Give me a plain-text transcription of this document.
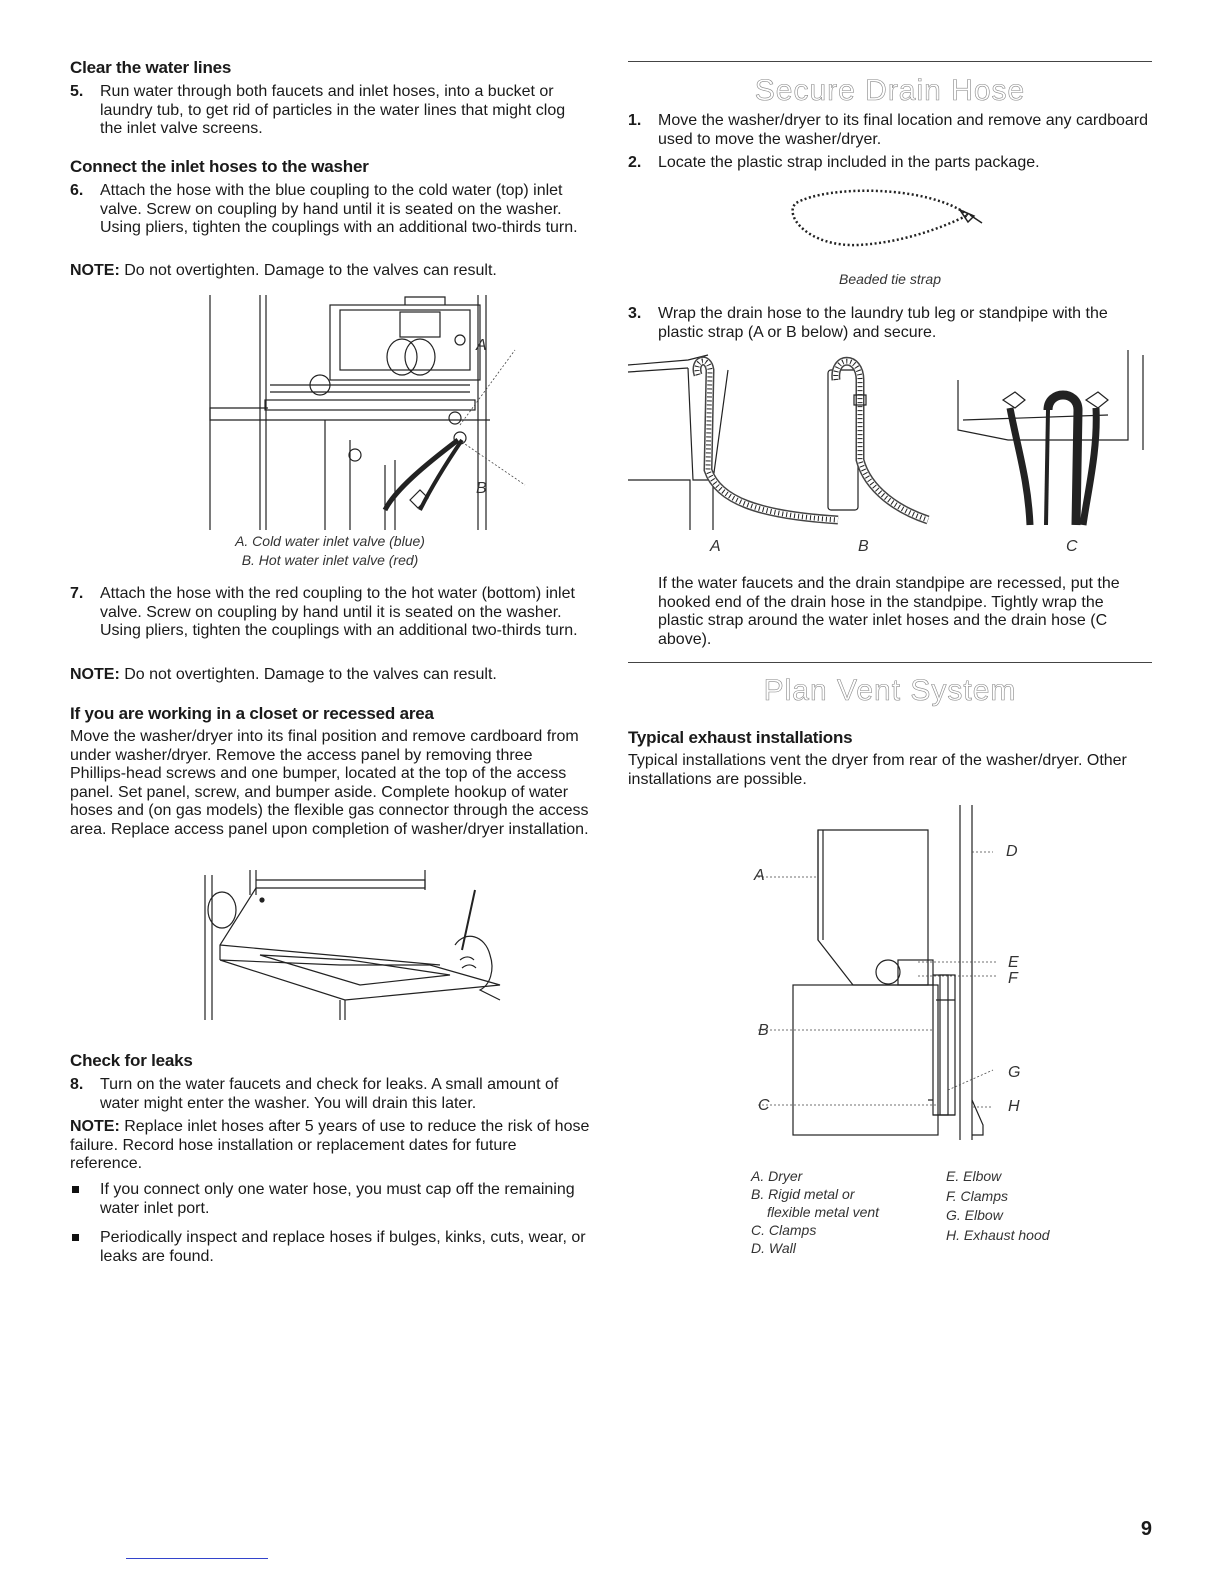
Clear the water lines
5. Run water through both faucets and inlet hoses, into a bucket or laundry tub, to get rid of particles in the water lines that might clog the inlet valve screens.
Connect the inlet hoses to the washer
6. Attach the hose with the blue coupling to the cold water (top) inlet valve. Screw on coupling by hand until it is seated on the washer. Using pliers, tighten the couplings with an additional two-thirds turn.

NOTE: Do not overtighten. Damage to the valves can result.

A
B
A. Cold water inlet valve (blue)
B. Hot water inlet valve (red)
7. Attach the hose with the red coupling to the hot water (bottom) inlet valve. Screw on coupling by hand until it is seated on the washer. Using pliers, tighten the couplings with an additional two-thirds turn.

NOTE: Do not overtighten. Damage to the valves can result.

If you are working in a closet or recessed area

Move the washer/dryer into its final position and remove cardboard from under washer/dryer. Remove the access panel by removing three Phillips-head screws and one bumper, located at the top of the access panel. Set panel, screw, and bumper aside. Complete hookup of water hoses and (on gas models) the flexible gas connector through the access area. Replace access panel upon completion of washer/dryer installation.

Check for leaks
8. Turn on the water faucets and check for leaks. A small amount of water might enter the washer. You will drain this later.

NOTE: Replace inlet hoses after 5 years of use to reduce the risk of hose failure. Record hose installation or replacement dates for future reference.

If you connect only one water hose, you must cap off the remaining water inlet port.
Periodically inspect and replace hoses if bulges, kinks, cuts, wear, or leaks are found.
Secure Drain Hose
1. Move the washer/dryer to its final location and remove any cardboard used to move the washer/dryer.
2. Locate the plastic strap included in the parts package.
Beaded tie strap
3. Wrap the drain hose to the laundry tub leg or standpipe with the plastic strap (A or B below) and secure.
A	B	C

If the water faucets and the drain standpipe are recessed, put the hooked end of the drain hose in the standpipe. Tightly wrap the plastic strap around the water inlet hoses and the drain hose (C above).

Plan Vent System
Typical exhaust installations

Typical installations vent the dryer from rear of the washer/dryer. Other installations are possible.

A
B
C
D
E
F
G
H
A. Dryer
B. Rigid metal or
flexible metal vent
C. Clamps
D. Wall
E. Elbow
F. Clamps
G. Elbow
H. Exhaust hood
9
